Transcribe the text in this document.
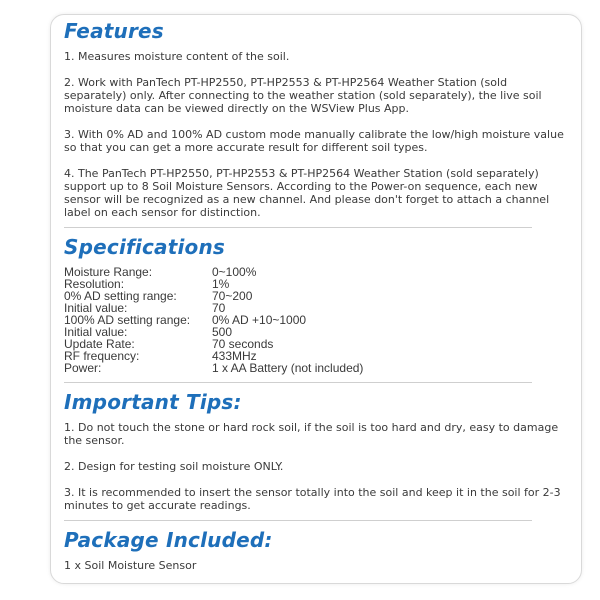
Features

1. Measures moisture content of the soil.

2. Work with PanTech PT-HP2550, PT-HP2553 & PT-HP2564 Weather Station (sold separately) only. After connecting to the weather station (sold separately), the live soil moisture data can be viewed directly on the WSView Plus App.

3. With 0% AD and 100% AD custom mode manually calibrate the low/high moisture value so that you can get a more accurate result for different soil types.

4. The PanTech PT-HP2550, PT-HP2553 & PT-HP2564 Weather Station (sold separately) support up to 8 Soil Moisture Sensors. According to the Power-on sequence, each new sensor will be recognized as a new channel. And please don't forget to attach a channel label on each sensor for distinction.

Specifications
Moisture Range:	0~100%
Resolution:	1%
0% AD setting range:	70~200
Initial value:	70
100% AD setting range:	0% AD +10~1000
Initial value:	500
Update Rate:	70 seconds
RF frequency:	433MHz
Power:	1 x AA Battery (not included)
Important Tips:

1. Do not touch the stone or hard rock soil, if the soil is too hard and dry, easy to damage the sensor.

2. Design for testing soil moisture ONLY.

3. It is recommended to insert the sensor totally into the soil and keep it in the soil for 2-3 minutes to get accurate readings.

Package Included:

1 x Soil Moisture Sensor
